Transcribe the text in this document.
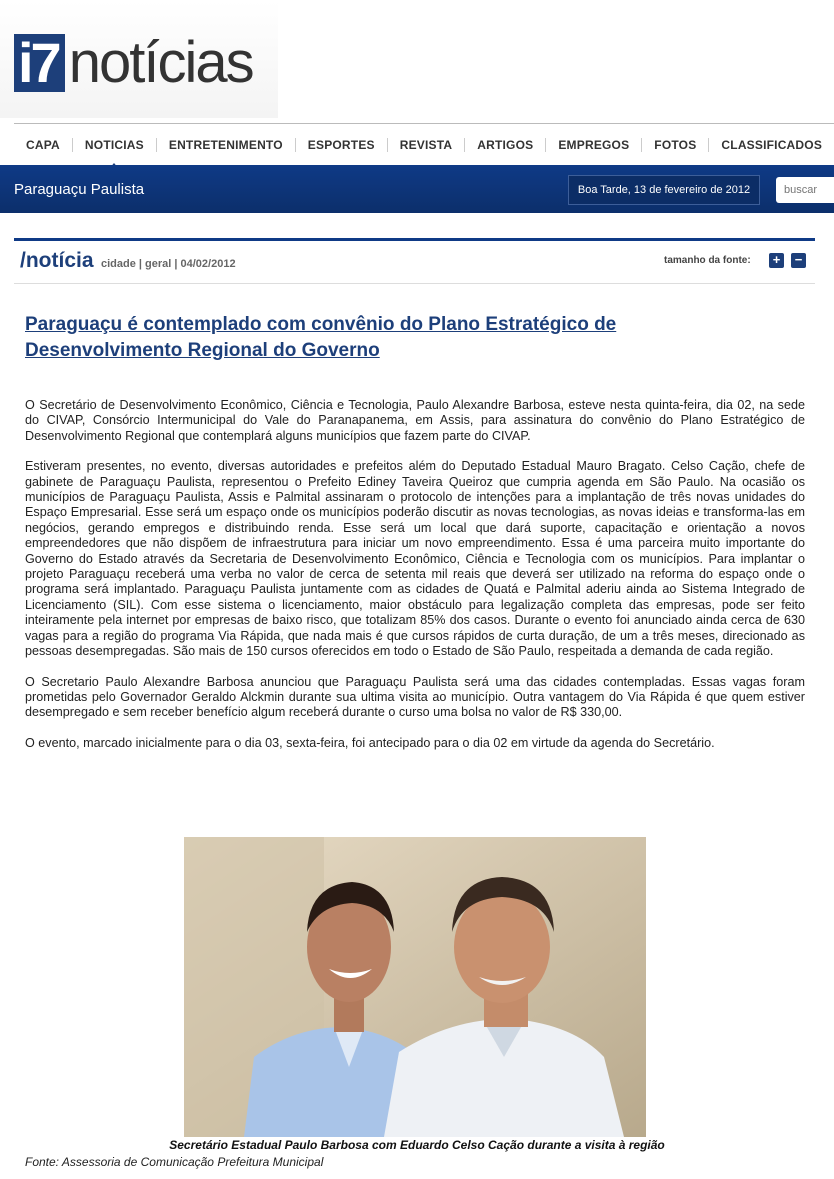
i7 notícias
CAPA	NOTICIAS	ENTRETENIMENTO	ESPORTES	REVISTA	ARTIGOS	EMPREGOS	FOTOS	CLASSIFICADOS
Paraguaçu Paulista	Boa Tarde, 13 de fevereiro de 2012
buscar
/notícia cidade | geral | 04/02/2012	tamanho da fonte: + −
Paraguaçu é contemplado com convênio do Plano Estratégico de Desenvolvimento Regional do Governo

O Secretário de Desenvolvimento Econômico, Ciência e Tecnologia, Paulo Alexandre Barbosa, esteve nesta quinta-feira, dia 02, na sede do CIVAP, Consórcio Intermunicipal do Vale do Paranapanema, em Assis, para assinatura do convênio do Plano Estratégico de Desenvolvimento Regional que contemplará alguns municípios que fazem parte do CIVAP.

Estiveram presentes, no evento, diversas autoridades e prefeitos além do Deputado Estadual Mauro Bragato. Celso Cação, chefe de gabinete de Paraguaçu Paulista, representou o Prefeito Ediney Taveira Queiroz que cumpria agenda em São Paulo. Na ocasião os municípios de Paraguaçu Paulista, Assis e Palmital assinaram o protocolo de intenções para a implantação de três novas unidades do Espaço Empresarial. Esse será um espaço onde os municípios poderão discutir as novas tecnologias, as novas ideias e transforma-las em negócios, gerando empregos e distribuindo renda. Esse será um local que dará suporte, capacitação e orientação a novos empreendedores que não dispõem de infraestrutura para iniciar um novo empreendimento. Essa é uma parceira muito importante do Governo do Estado através da Secretaria de Desenvolvimento Econômico, Ciência e Tecnologia com os municípios. Para implantar o projeto Paraguaçu receberá uma verba no valor de cerca de setenta mil reais que deverá ser utilizado na reforma do espaço onde o programa será implantado. Paraguaçu Paulista juntamente com as cidades de Quatá e Palmital aderiu ainda ao Sistema Integrado de Licenciamento (SIL). Com esse sistema o licenciamento, maior obstáculo para legalização completa das empresas, pode ser feito inteiramente pela internet por empresas de baixo risco, que totalizam 85% dos casos. Durante o evento foi anunciado ainda cerca de 630 vagas para a região do programa Via Rápida, que nada mais é que cursos rápidos de curta duração, de um a três meses, direcionado as pessoas desempregadas. São mais de 150 cursos oferecidos em todo o Estado de São Paulo, respeitada a demanda de cada região.

O Secretario Paulo Alexandre Barbosa anunciou que Paraguaçu Paulista será uma das cidades contempladas. Essas vagas foram prometidas pelo Governador Geraldo Alckmin durante sua ultima visita ao município. Outra vantagem do Via Rápida é que quem estiver desempregado e sem receber benefício algum receberá durante o curso uma bolsa no valor de R$ 330,00.

O evento, marcado inicialmente para o dia 03, sexta-feira, foi antecipado para o dia 02 em virtude da agenda do Secretário.

Secretário Estadual Paulo Barbosa com Eduardo Celso Cação durante a visita à região
Fonte: Assessoria de Comunicação Prefeitura Municipal
